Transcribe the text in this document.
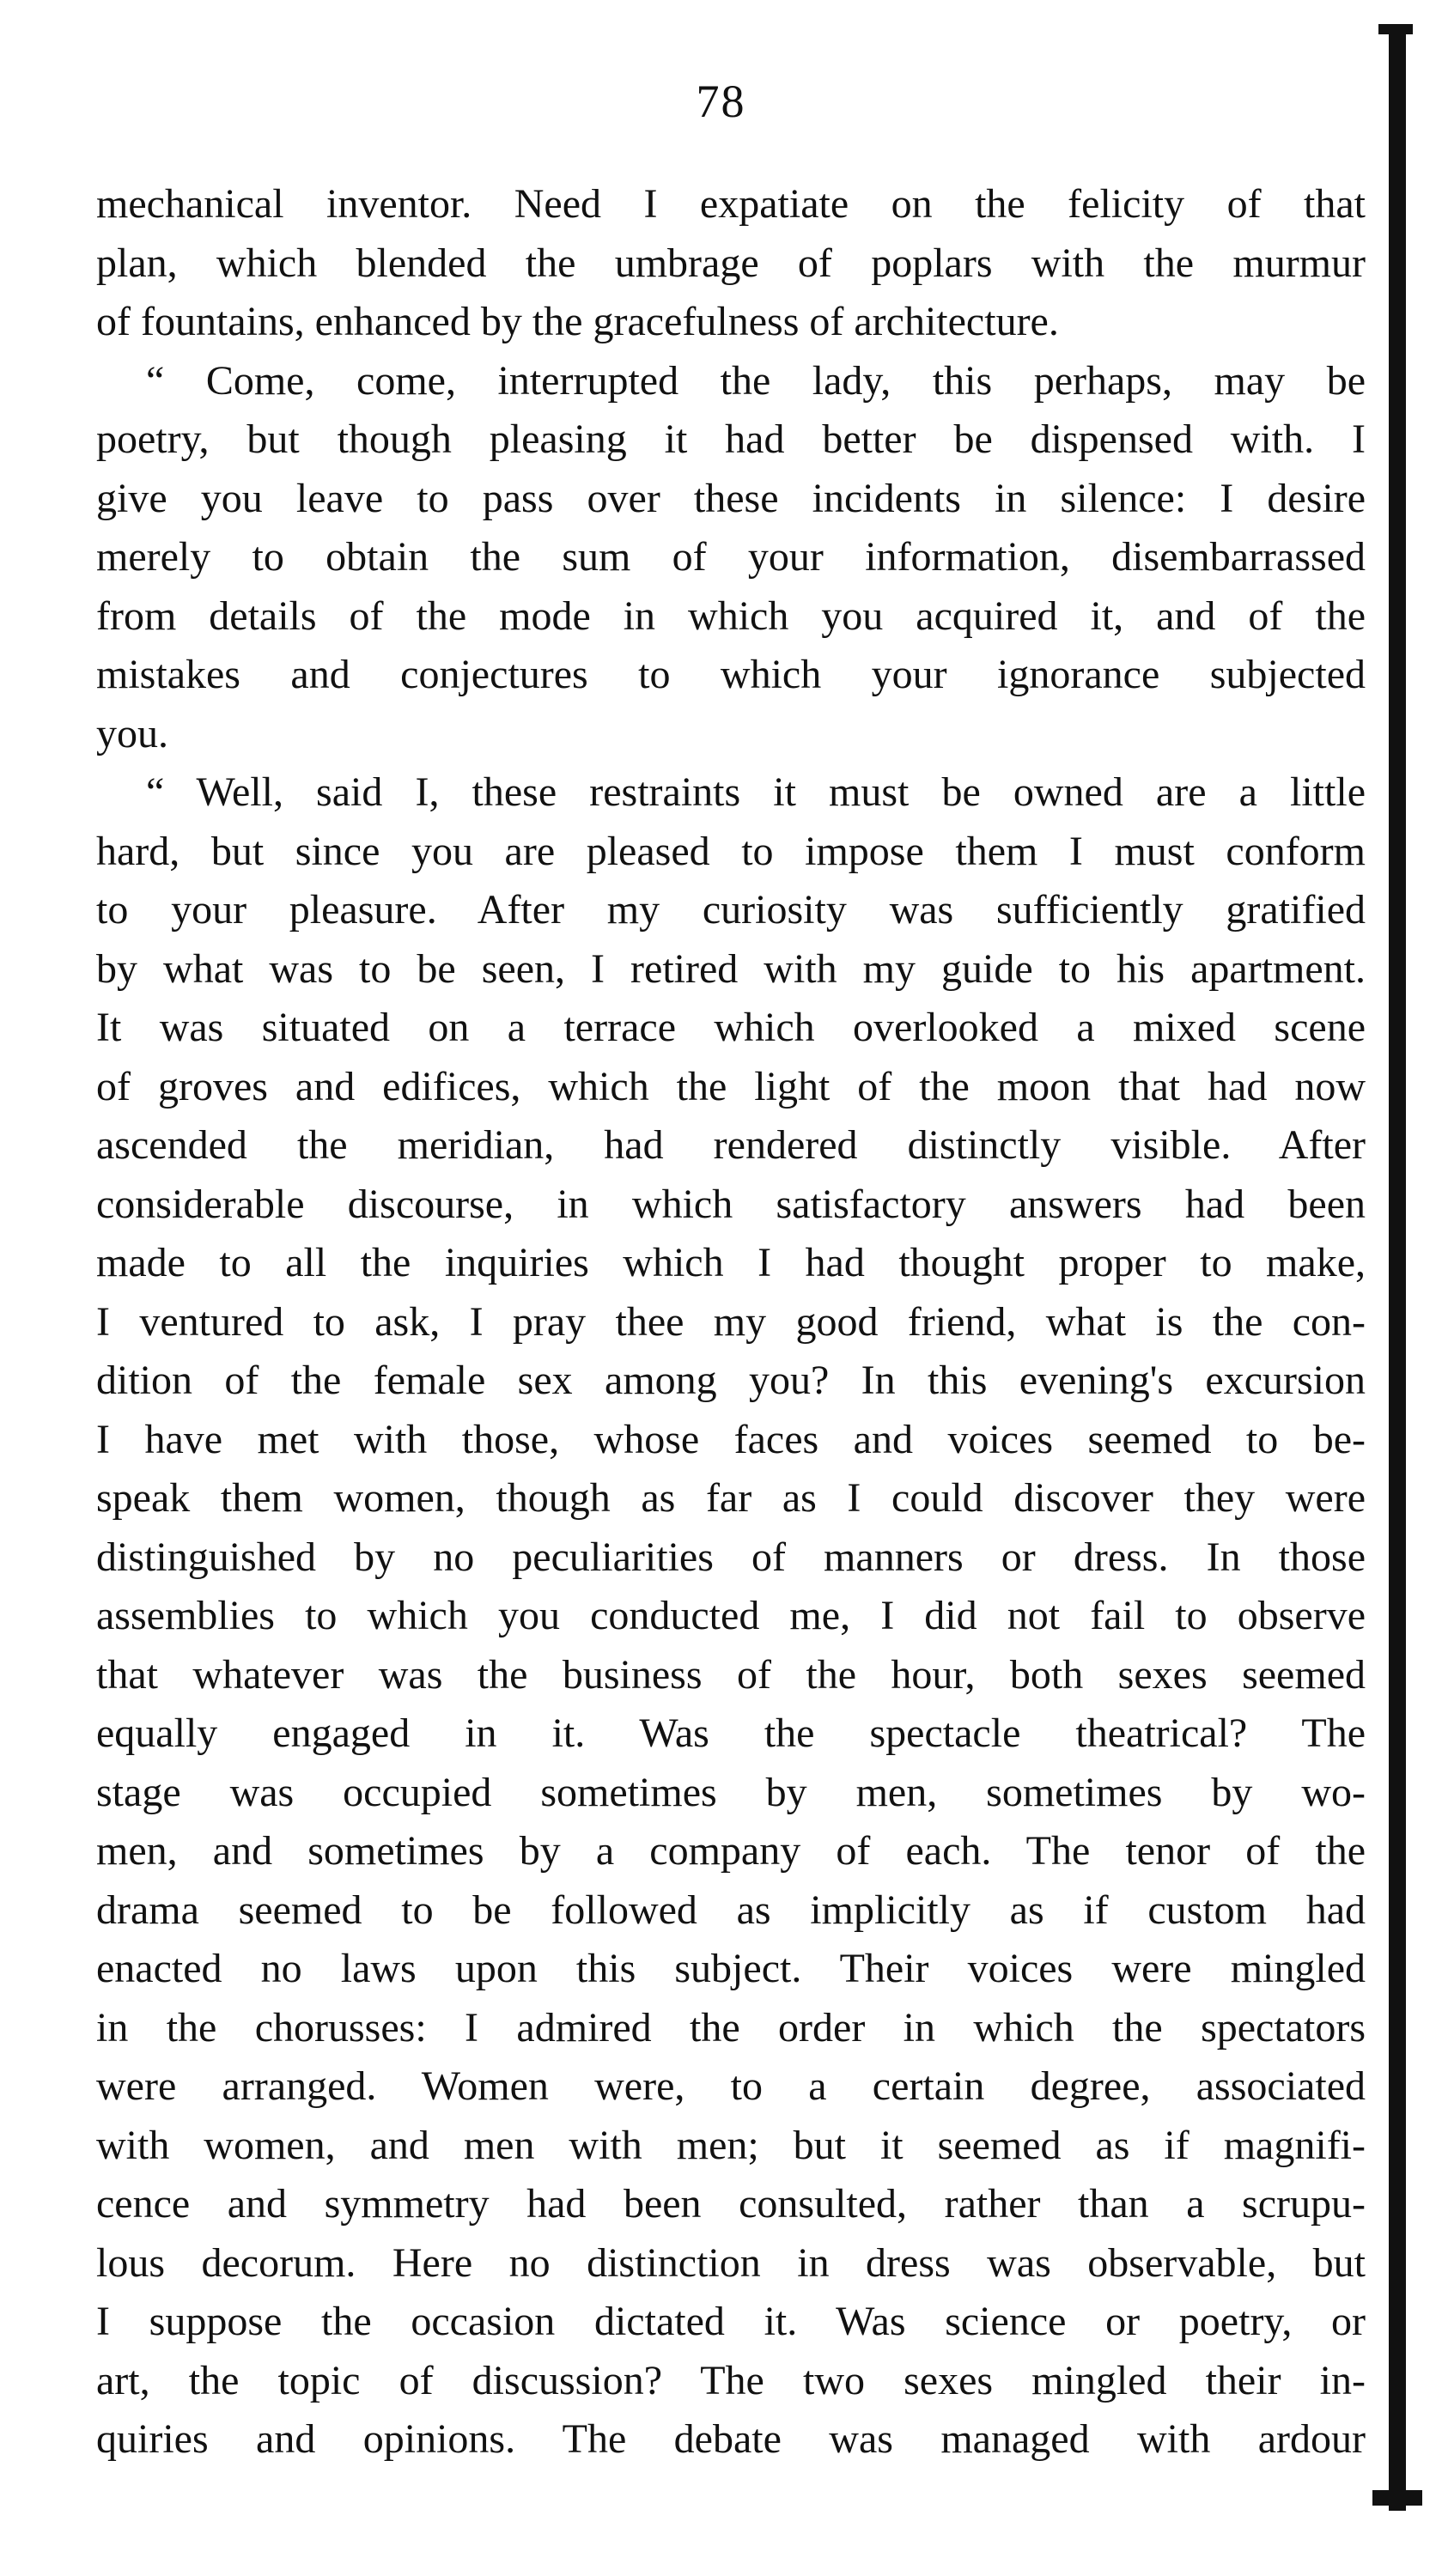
78
mechanical inventor. Need I expatiate on the felicity of that
plan, which blended the umbrage of poplars with the murmur
of fountains, enhanced by the gracefulness of architecture.
“ Come, come, interrupted the lady, this perhaps, may be
poetry, but though pleasing it had better be dispensed with. I
give you leave to pass over these incidents in silence: I desire
merely to obtain the sum of your information, disembarrassed
from details of the mode in which you acquired it, and of the
mistakes and conjectures to which your ignorance subjected
you.
“ Well, said I, these restraints it must be owned are a little
hard, but since you are pleased to impose them I must conform
to your pleasure. After my curiosity was sufficiently gratified
by what was to be seen, I retired with my guide to his apartment.
It was situated on a terrace which overlooked a mixed scene
of groves and edifices, which the light of the moon that had now
ascended the meridian, had rendered distinctly visible. After
considerable discourse, in which satisfactory answers had been
made to all the inquiries which I had thought proper to make,
I ventured to ask, I pray thee my good friend, what is the con-
dition of the female sex among you? In this evening's excursion
I have met with those, whose faces and voices seemed to be-
speak them women, though as far as I could discover they were
distinguished by no peculiarities of manners or dress. In those
assemblies to which you conducted me, I did not fail to observe
that whatever was the business of the hour, both sexes seemed
equally engaged in it. Was the spectacle theatrical? The
stage was occupied sometimes by men, sometimes by wo-
men, and sometimes by a company of each. The tenor of the
drama seemed to be followed as implicitly as if custom had
enacted no laws upon this subject. Their voices were mingled
in the chorusses: I admired the order in which the spectators
were arranged. Women were, to a certain degree, associated
with women, and men with men; but it seemed as if magnifi-
cence and symmetry had been consulted, rather than a scrupu-
lous decorum. Here no distinction in dress was observable, but
I suppose the occasion dictated it. Was science or poetry, or
art, the topic of discussion? The two sexes mingled their in-
quiries and opinions. The debate was managed with ardour
